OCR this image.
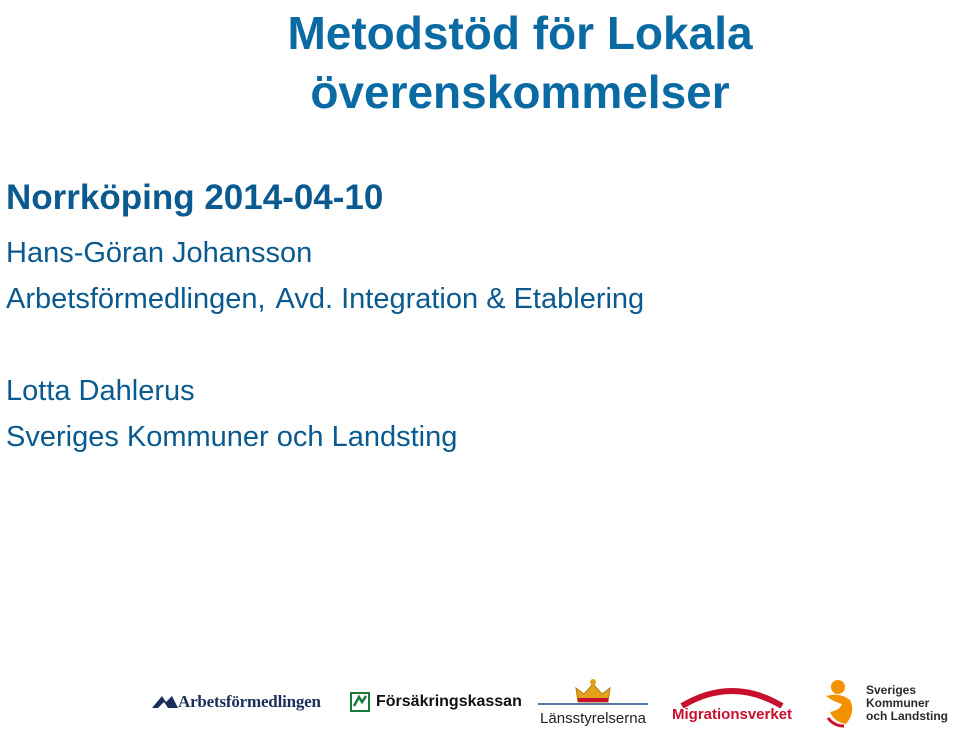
Metodstöd för Lokala
överenskommelser
Norrköping 2014-04-10
Hans-Göran Johansson
Arbetsförmedlingen, Avd. Integration & Etablering
Lotta Dahlerus
Sveriges Kommuner och Landsting
Arbetsförmedlingen	Försäkringskassan
Länsstyrelserna Migrationsverket
Sveriges
Kommuner
och Landsting
